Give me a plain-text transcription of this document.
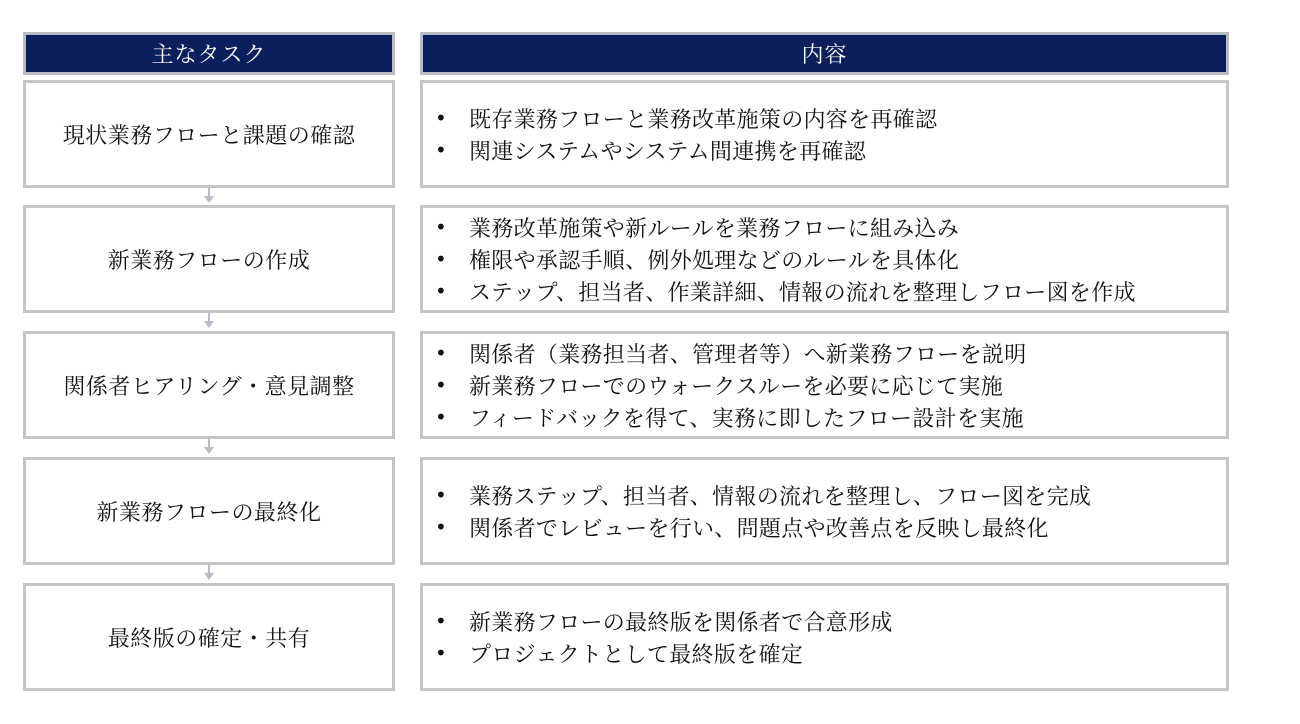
主なタスク	内容
現状業務フローと課題の確認
• 既存業務フローと業務改革施策の内容を再確認
• 関連システムやシステム間連携を再確認
新業務フローの作成
• 業務改革施策や新ルールを業務フローに組み込み
• 権限や承認手順、例外処理などのルールを具体化
• ステップ、担当者、作業詳細、情報の流れを整理しフロー図を作成
関係者ヒアリング・意見調整
• 関係者（業務担当者、管理者等）へ新業務フローを説明
• 新業務フローでのウォークスルーを必要に応じて実施
• フィードバックを得て、実務に即したフロー設計を実施
新業務フローの最終化
• 業務ステップ、担当者、情報の流れを整理し、フロー図を完成
• 関係者でレビューを行い、問題点や改善点を反映し最終化
最終版の確定・共有
• 新業務フローの最終版を関係者で合意形成
• プロジェクトとして最終版を確定
